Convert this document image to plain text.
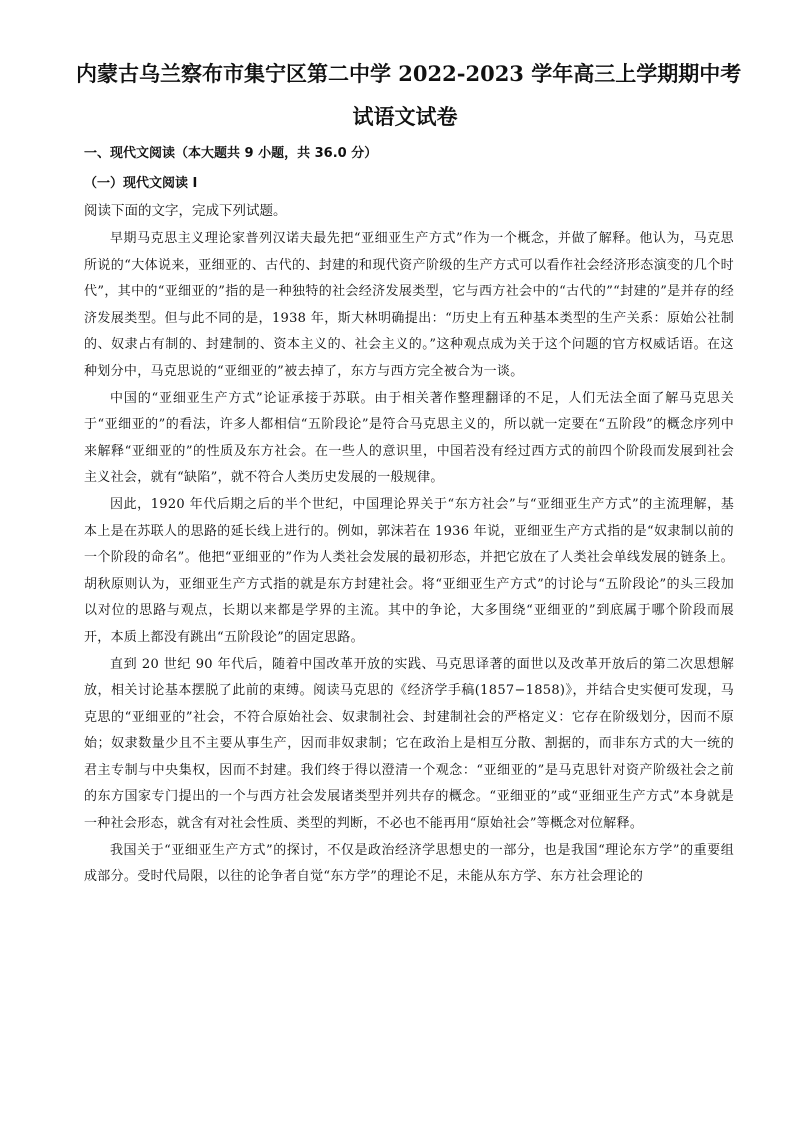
内蒙古乌兰察布市集宁区第二中学 2022-2023 学年高三上学期期中考
试语文试卷
一、现代文阅读（本大题共 9 小题，共 36.0 分）
（一）现代文阅读 I
阅读下面的文字，完成下列试题。

早期马克思主义理论家普列汉诺夫最先把“亚细亚生产方式”作为一个概念，并做了解释。他认为，马克思所说的“大体说来，亚细亚的、古代的、封建的和现代资产阶级的生产方式可以看作社会经济形态演变的几个时代”，其中的“亚细亚的”指的是一种独特的社会经济发展类型，它与西方社会中的“古代的”“封建的”是并存的经济发展类型。但与此不同的是，1938 年，斯大林明确提出：“历史上有五种基本类型的生产关系：原始公社制的、奴隶占有制的、封建制的、资本主义的、社会主义的。”这种观点成为关于这个问题的官方权威话语。在这种划分中，马克思说的“亚细亚的”被去掉了，东方与西方完全被合为一谈。

中国的“亚细亚生产方式”论证承接于苏联。由于相关著作整理翻译的不足，人们无法全面了解马克思关于“亚细亚的”的看法，许多人都相信“五阶段论”是符合马克思主义的，所以就一定要在“五阶段”的概念序列中来解释“亚细亚的”的性质及东方社会。在一些人的意识里，中国若没有经过西方式的前四个阶段而发展到社会主义社会，就有“缺陷”，就不符合人类历史发展的一般规律。

因此，1920 年代后期之后的半个世纪，中国理论界关于“东方社会”与“亚细亚生产方式”的主流理解，基本上是在苏联人的思路的延长线上进行的。例如，郭沫若在 1936 年说，亚细亚生产方式指的是“奴隶制以前的一个阶段的命名”。他把“亚细亚的”作为人类社会发展的最初形态，并把它放在了人类社会单线发展的链条上。胡秋原则认为，亚细亚生产方式指的就是东方封建社会。将“亚细亚生产方式”的讨论与“五阶段论”的头三段加以对位的思路与观点，长期以来都是学界的主流。其中的争论，大多围绕“亚细亚的”到底属于哪个阶段而展开，本质上都没有跳出“五阶段论”的固定思路。

直到 20 世纪 90 年代后，随着中国改革开放的实践、马克思译著的面世以及改革开放后的第二次思想解放，相关讨论基本摆脱了此前的束缚。阅读马克思的《经济学手稿(1857−1858)》，并结合史实便可发现，马克思的“亚细亚的”社会，不符合原始社会、奴隶制社会、封建制社会的严格定义：它存在阶级划分，因而不原始；奴隶数量少且不主要从事生产，因而非奴隶制；它在政治上是相互分散、割据的，而非东方式的大一统的君主专制与中央集权，因而不封建。我们终于得以澄清一个观念：“亚细亚的”是马克思针对资产阶级社会之前的东方国家专门提出的一个与西方社会发展诸类型并列共存的概念。“亚细亚的”或“亚细亚生产方式”本身就是一种社会形态，就含有对社会性质、类型的判断，不必也不能再用“原始社会”等概念对位解释。

我国关于“亚细亚生产方式”的探讨，不仅是政治经济学思想史的一部分，也是我国“理论东方学”的重要组成部分。受时代局限，以往的论争者自觉“东方学”的理论不足，未能从东方学、东方社会理论的
